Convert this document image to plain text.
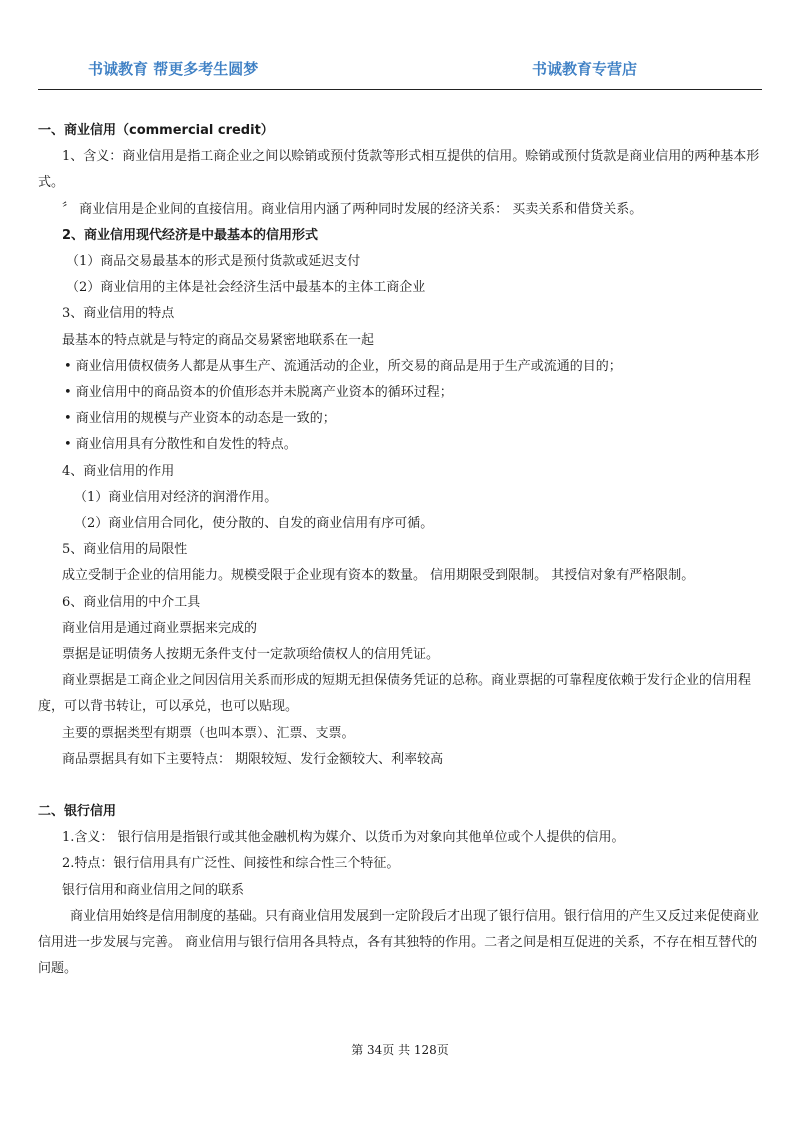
书诚教育 帮更多考生圆梦	书诚教育专营店

一、商业信用（commercial credit）

1、含义：商业信用是指工商企业之间以赊销或预付货款等形式相互提供的信用。赊销或预付货款是商业信用的两种基本形式。

〞 商业信用是企业间的直接信用。商业信用内涵了两种同时发展的经济关系： 买卖关系和借贷关系。

2、商业信用现代经济是中最基本的信用形式

（1）商品交易最基本的形式是预付货款或延迟支付

（2）商业信用的主体是社会经济生活中最基本的主体工商企业

3、商业信用的特点

最基本的特点就是与特定的商品交易紧密地联系在一起

• 商业信用债权债务人都是从事生产、流通活动的企业，所交易的商品是用于生产或流通的目的；

• 商业信用中的商品资本的价值形态并未脱离产业资本的循环过程；

• 商业信用的规模与产业资本的动态是一致的；

• 商业信用具有分散性和自发性的特点。

4、商业信用的作用

（1）商业信用对经济的润滑作用。

（2）商业信用合同化，使分散的、自发的商业信用有序可循。

5、商业信用的局限性

成立受制于企业的信用能力。规模受限于企业现有资本的数量。 信用期限受到限制。 其授信对象有严格限制。

6、商业信用的中介工具

商业信用是通过商业票据来完成的

票据是证明债务人按期无条件支付一定款项给债权人的信用凭证。

商业票据是工商企业之间因信用关系而形成的短期无担保债务凭证的总称。商业票据的可靠程度依赖于发行企业的信用程度，可以背书转让，可以承兑，也可以贴现。

主要的票据类型有期票（也叫本票）、汇票、支票。

商品票据具有如下主要特点： 期限较短、发行金额较大、利率较高

二、银行信用

1.含义： 银行信用是指银行或其他金融机构为媒介、以货币为对象向其他单位或个人提供的信用。

2.特点：银行信用具有广泛性、间接性和综合性三个特征。

银行信用和商业信用之间的联系

商业信用始终是信用制度的基础。只有商业信用发展到一定阶段后才出现了银行信用。银行信用的产生又反过来促使商业信用进一步发展与完善。 商业信用与银行信用各具特点，各有其独特的作用。二者之间是相互促进的关系，不存在相互替代的问题。

第 34页 共 128页
